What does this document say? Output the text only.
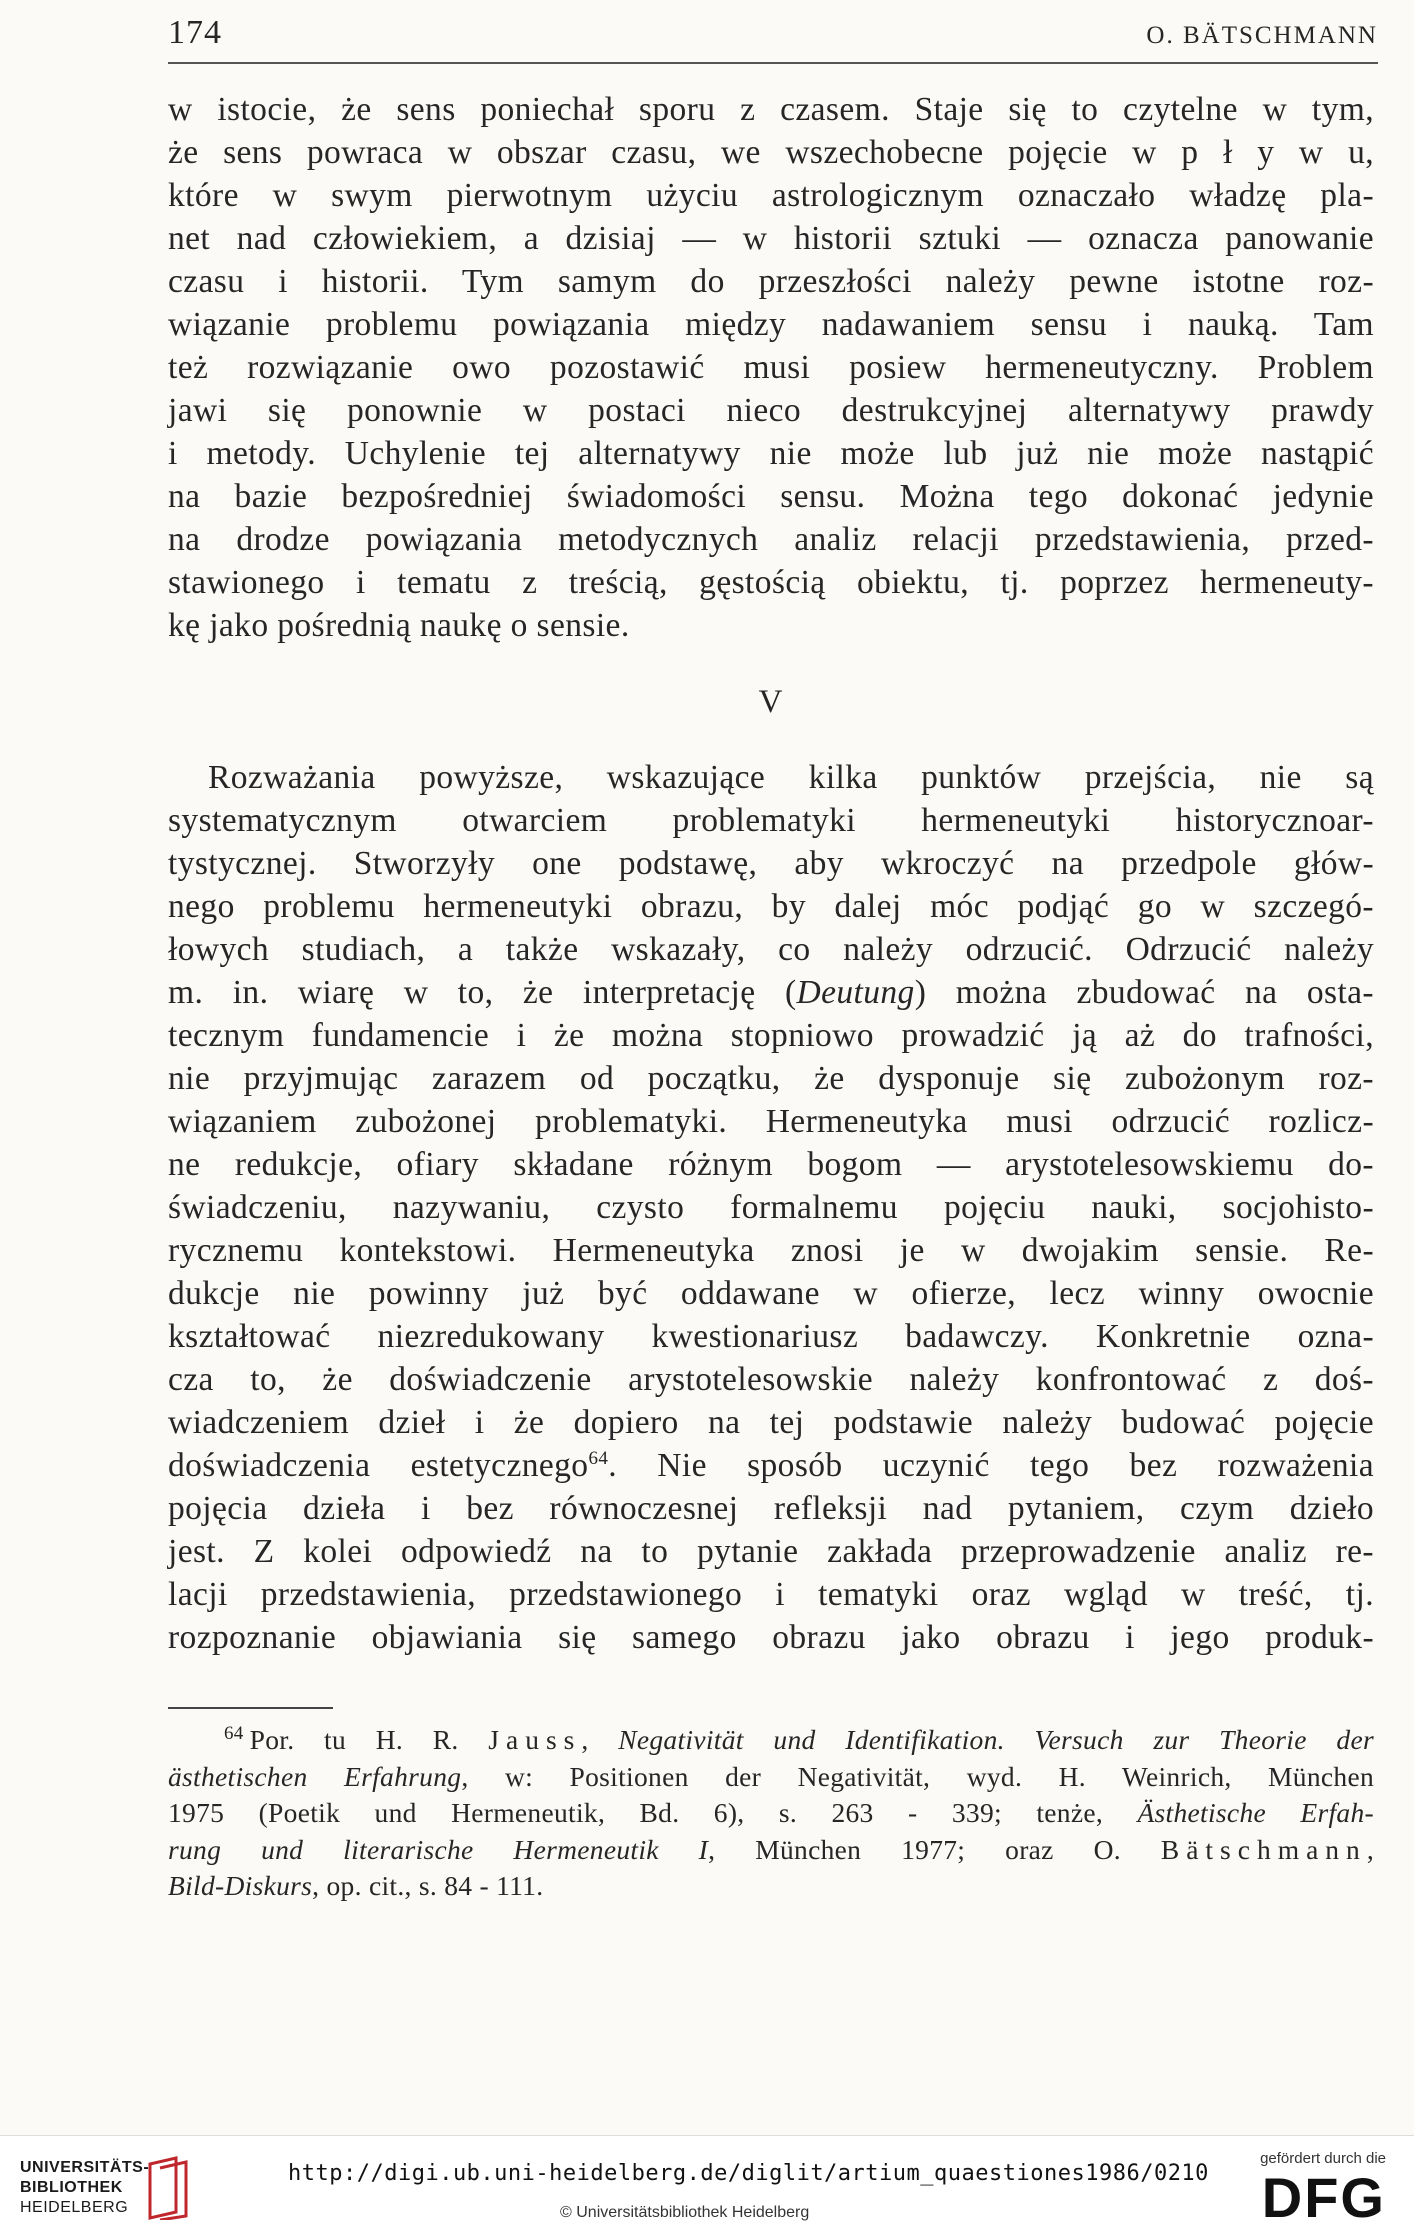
174	O. BÄTSCHMANN

w istocie, że sens poniechał sporu z czasem. Staje się to czytelne w tym,

że sens powraca w obszar czasu, we wszechobecne pojęcie w p ł y w u,

które w swym pierwotnym użyciu astrologicznym oznaczało władzę pla-

net nad człowiekiem, a dzisiaj — w historii sztuki — oznacza panowanie

czasu i historii. Tym samym do przeszłości należy pewne istotne roz-

wiązanie problemu powiązania między nadawaniem sensu i nauką. Tam

też rozwiązanie owo pozostawić musi posiew hermeneutyczny. Problem

jawi się ponownie w postaci nieco destrukcyjnej alternatywy prawdy

i metody. Uchylenie tej alternatywy nie może lub już nie może nastąpić

na bazie bezpośredniej świadomości sensu. Można tego dokonać jedynie

na drodze powiązania metodycznych analiz relacji przedstawienia, przed-

stawionego i tematu z treścią, gęstością obiektu, tj. poprzez hermeneuty-

kę jako pośrednią naukę o sensie.

V

Rozważania powyższe, wskazujące kilka punktów przejścia, nie są

systematycznym otwarciem problematyki hermeneutyki historycznoar-

tystycznej. Stworzyły one podstawę, aby wkroczyć na przedpole głów-

nego problemu hermeneutyki obrazu, by dalej móc podjąć go w szczegó-

łowych studiach, a także wskazały, co należy odrzucić. Odrzucić należy

m. in. wiarę w to, że interpretację (Deutung) można zbudować na osta-

tecznym fundamencie i że można stopniowo prowadzić ją aż do trafności,

nie przyjmując zarazem od początku, że dysponuje się zubożonym roz-

wiązaniem zubożonej problematyki. Hermeneutyka musi odrzucić rozlicz-

ne redukcje, ofiary składane różnym bogom — arystotelesowskiemu do-

świadczeniu, nazywaniu, czysto formalnemu pojęciu nauki, socjohisto-

rycznemu kontekstowi. Hermeneutyka znosi je w dwojakim sensie. Re-

dukcje nie powinny już być oddawane w ofierze, lecz winny owocnie

kształtować niezredukowany kwestionariusz badawczy. Konkretnie ozna-

cza to, że doświadczenie arystotelesowskie należy konfrontować z doś-

wiadczeniem dzieł i że dopiero na tej podstawie należy budować pojęcie

doświadczenia estetycznego$^{64}$. Nie sposób uczynić tego bez rozważenia

pojęcia dzieła i bez równoczesnej refleksji nad pytaniem, czym dzieło

jest. Z kolei odpowiedź na to pytanie zakłada przeprowadzenie analiz re-

lacji przedstawienia, przedstawionego i tematyki oraz wgląd w treść, tj.

rozpoznanie objawiania się samego obrazu jako obrazu i jego produk-

$^{64}$ Por. tu H. R. Jauss, Negativität und Identifikation. Versuch zur Theorie der

ästhetischen Erfahrung, w: Positionen der Negativität, wyd. H. Weinrich, München

1975 (Poetik und Hermeneutik, Bd. 6), s. 263 - 339; tenże, Ästhetische Erfah-

rung und literarische Hermeneutik I, München 1977; oraz O. Bätschmann,

Bild-Diskurs, op. cit., s. 84 - 111.

UNIVERSITÄTS-
BIBLIOTHEK
HEIDELBERG
http://digi.ub.uni-heidelberg.de/diglit/artium_quaestiones1986/0210
© Universitätsbibliothek Heidelberg
gefördert durch die
DFG
